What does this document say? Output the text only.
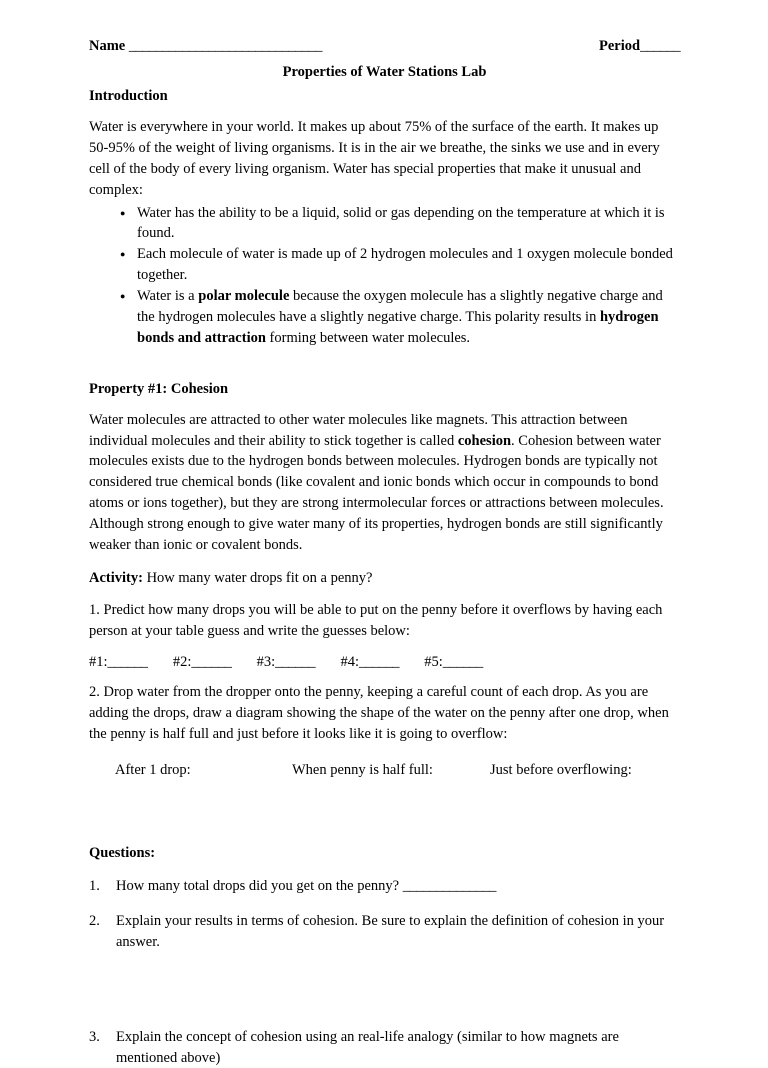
Name _____________________________	Period______
Properties of Water Stations Lab
Introduction

Water is everywhere in your world. It makes up about 75% of the surface of the earth. It makes up 50-95% of the weight of living organisms. It is in the air we breathe, the sinks we use and in every cell of the body of every living organism. Water has special properties that make it unusual and complex:

● Water has the ability to be a liquid, solid or gas depending on the temperature at which it is found.
● Each molecule of water is made up of 2 hydrogen molecules and 1 oxygen molecule bonded together.
● Water is a polar molecule because the oxygen molecule has a slightly negative charge and the hydrogen molecules have a slightly negative charge. This polarity results in hydrogen bonds and attraction forming between water molecules.
Property #1: Cohesion

Water molecules are attracted to other water molecules like magnets. This attraction between individual molecules and their ability to stick together is called cohesion. Cohesion between water molecules exists due to the hydrogen bonds between molecules. Hydrogen bonds are typically not considered true chemical bonds (like covalent and ionic bonds which occur in compounds to bond atoms or ions together), but they are strong intermolecular forces or attractions between molecules. Although strong enough to give water many of its properties, hydrogen bonds are still significantly weaker than ionic or covalent bonds.

Activity: How many water drops fit on a penny?

1. Predict how many drops you will be able to put on the penny before it overflows by having each person at your table guess and write the guesses below:

#1:______ #2:______ #3:______ #4:______ #5:______

2. Drop water from the dropper onto the penny, keeping a careful count of each drop. As you are adding the drops, draw a diagram showing the shape of the water on the penny after one drop, when the penny is half full and just before it looks like it is going to overflow:

After 1 drop:	When penny is half full:	Just before overflowing:
Questions:
1. How many total drops did you get on the penny? ______________
2. Explain your results in terms of cohesion. Be sure to explain the definition of cohesion in your answer.
3. Explain the concept of cohesion using an real-life analogy (similar to how magnets are mentioned above)
